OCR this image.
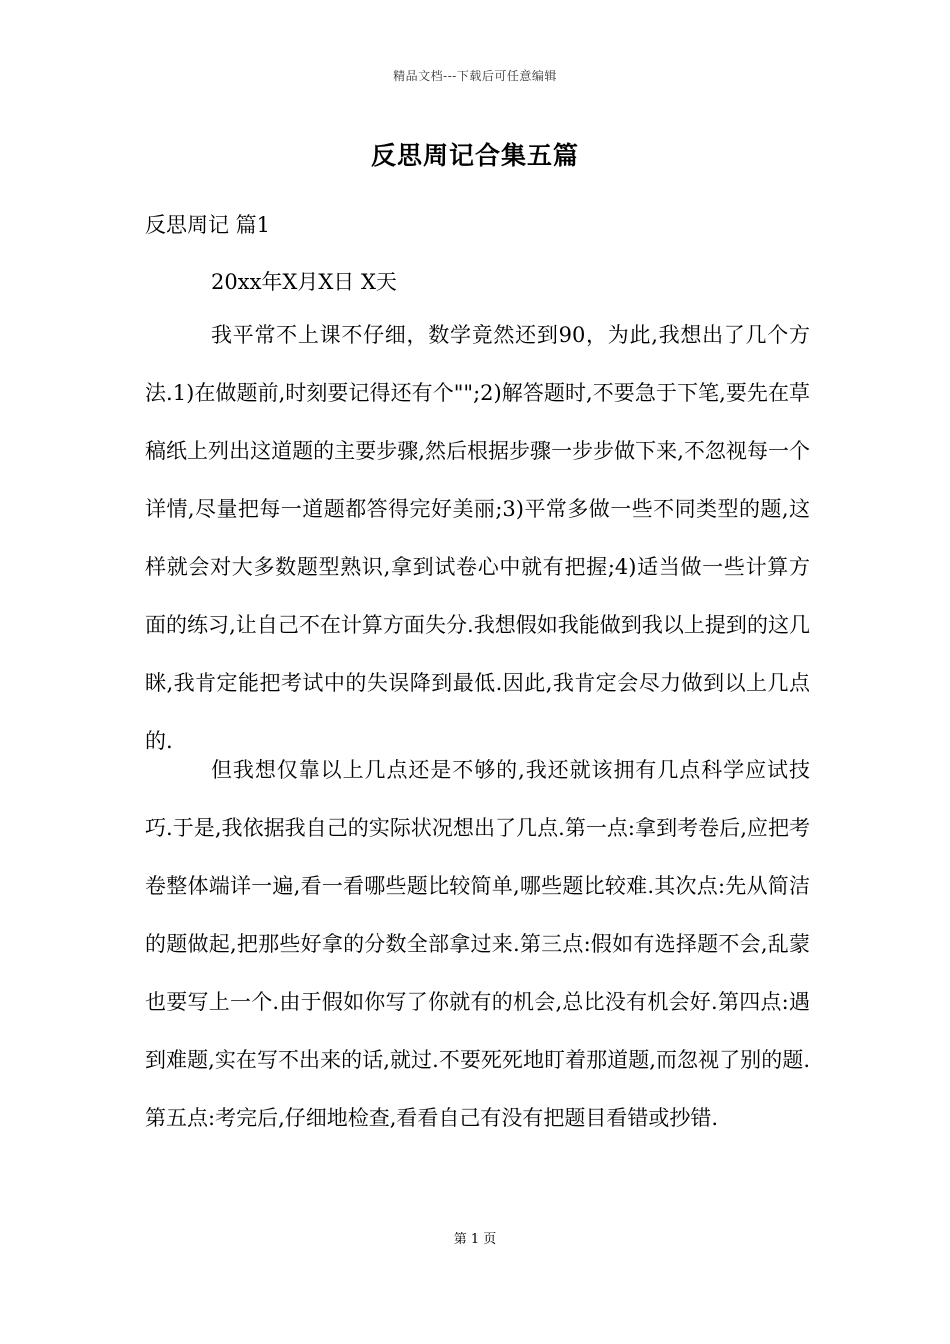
精品文档---下载后可任意编辑
反思周记合集五篇
反思周记 篇1
20xx年X月X日 X天

我平常不上课不仔细，数学竟然还到90，为此,我想出了几个方法.1)在做题前,时刻要记得还有个"";2)解答题时,不要急于下笔,要先在草稿纸上列出这道题的主要步骤,然后根据步骤一步步做下来,不忽视每一个详情,尽量把每一道题都答得完好美丽;3)平常多做一些不同类型的题,这样就会对大多数题型熟识,拿到试卷心中就有把握;4)适当做一些计算方面的练习,让自己不在计算方面失分.我想假如我能做到我以上提到的这几眯,我肯定能把考试中的失误降到最低.因此,我肯定会尽力做到以上几点的.

但我想仅靠以上几点还是不够的,我还就该拥有几点科学应试技巧.于是,我依据我自己的实际状况想出了几点.第一点:拿到考卷后,应把考卷整体端详一遍,看一看哪些题比较简单,哪些题比较难.其次点:先从简洁的题做起,把那些好拿的分数全部拿过来.第三点:假如有选择题不会,乱蒙也要写上一个.由于假如你写了你就有的机会,总比没有机会好.第四点:遇到难题,实在写不出来的话,就过.不要死死地盯着那道题,而忽视了别的题.第五点:考完后,仔细地检查,看看自己有没有把题目看错或抄错.

第 1 页
